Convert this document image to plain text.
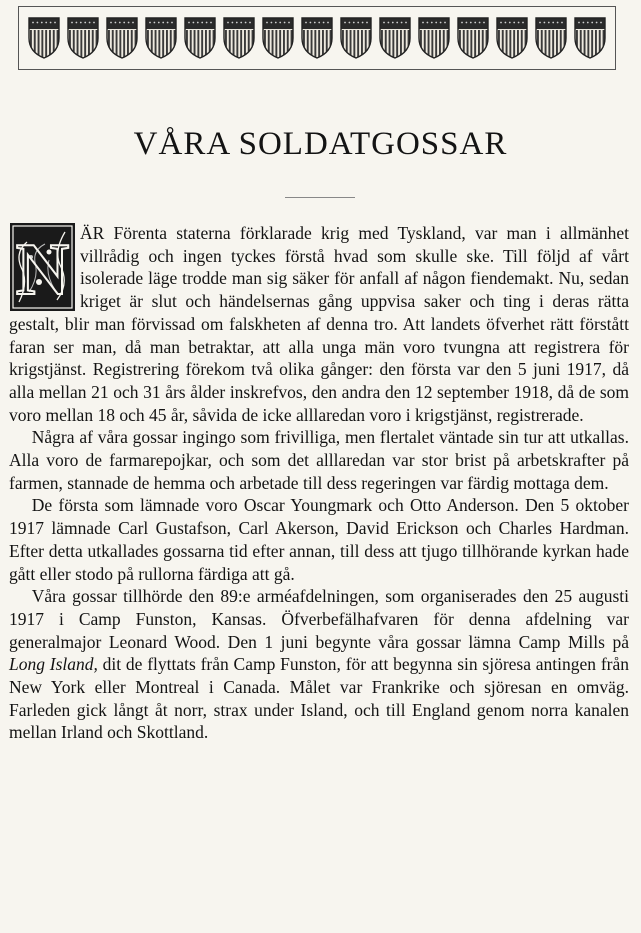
VÅRA SOLDATGOSSAR

N ÄR Förenta staterna förklarade krig med Tyskland, var man i allmänhet villrådig och ingen tyckes förstå hvad som skulle ske. Till följd af vårt isolerade läge trodde man sig säker för anfall af någon fiendemakt. Nu, sedan kriget är slut och händelsernas gång uppvisa saker och ting i deras rätta gestalt, blir man förvissad om falskheten af denna tro. Att landets öfverhet rätt förstått faran ser man, då man betraktar, att alla unga män voro tvungna att registrera för krigstjänst. Registrering förekom två olika gånger: den första var den 5 juni 1917, då alla mellan 21 och 31 års ålder inskrefvos, den andra den 12 september 1918, då de som voro mellan 18 och 45 år, såvida de icke alllaredan voro i krigstjänst, registrerade.

Några af våra gossar ingingo som frivilliga, men flertalet väntade sin tur att utkallas. Alla voro de farmarepojkar, och som det alllaredan var stor brist på arbetskrafter på farmen, stannade de hemma och arbetade till dess regeringen var färdig mottaga dem.

De första som lämnade voro Oscar Youngmark och Otto Anderson. Den 5 oktober 1917 lämnade Carl Gustafson, Carl Akerson, David Erickson och Charles Hardman. Efter detta utkallades gossarna tid efter annan, till dess att tjugo tillhörande kyrkan hade gått eller stodo på rullorna färdiga att gå.

Våra gossar tillhörde den 89:e arméafdelningen, som organiserades den 25 augusti 1917 i Camp Funston, Kansas. Öfverbefälhafvaren för denna afdelning var generalmajor Leonard Wood. Den 1 juni begynte våra gossar lämna Camp Mills på Long Island, dit de flyttats från Camp Funston, för att begynna sin sjöresa antingen från New York eller Montreal i Canada. Målet var Frankrike och sjöresan en omväg. Farleden gick långt åt norr, strax under Island, och till England genom norra kanalen mellan Irland och Skottland.
